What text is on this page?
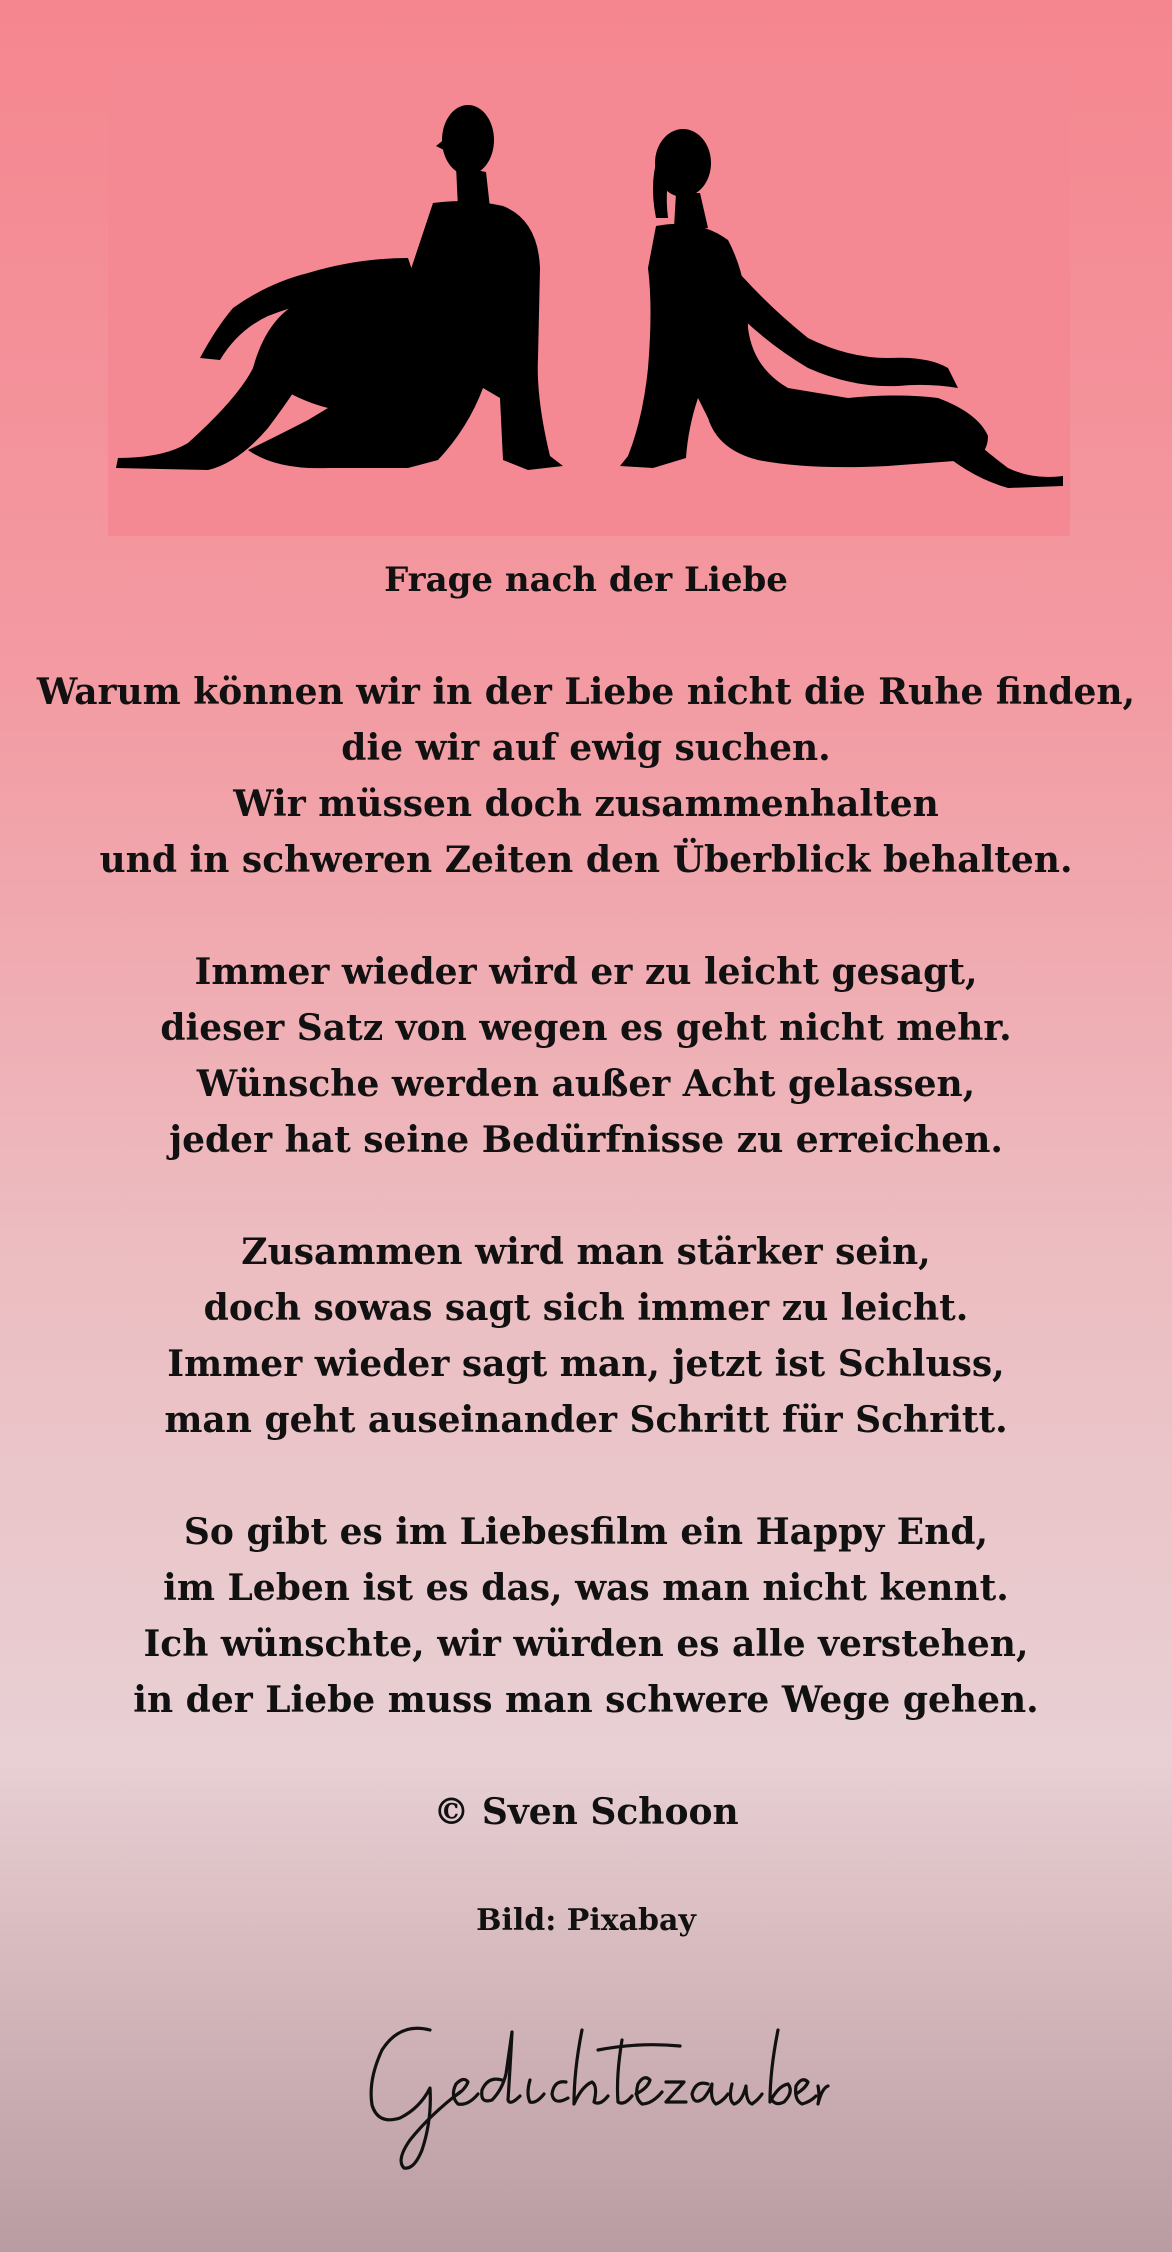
Frage nach der Liebe
Warum können wir in der Liebe nicht die Ruhe finden,
die wir auf ewig suchen.
Wir müssen doch zusammenhalten
und in schweren Zeiten den Überblick behalten.
Immer wieder wird er zu leicht gesagt,
dieser Satz von wegen es geht nicht mehr.
Wünsche werden außer Acht gelassen,
jeder hat seine Bedürfnisse zu erreichen.
Zusammen wird man stärker sein,
doch sowas sagt sich immer zu leicht.
Immer wieder sagt man, jetzt ist Schluss,
man geht auseinander Schritt für Schritt.
So gibt es im Liebesfilm ein Happy End,
im Leben ist es das, was man nicht kennt.
Ich wünschte, wir würden es alle verstehen,
in der Liebe muss man schwere Wege gehen.
© Sven Schoon
Bild: Pixabay
